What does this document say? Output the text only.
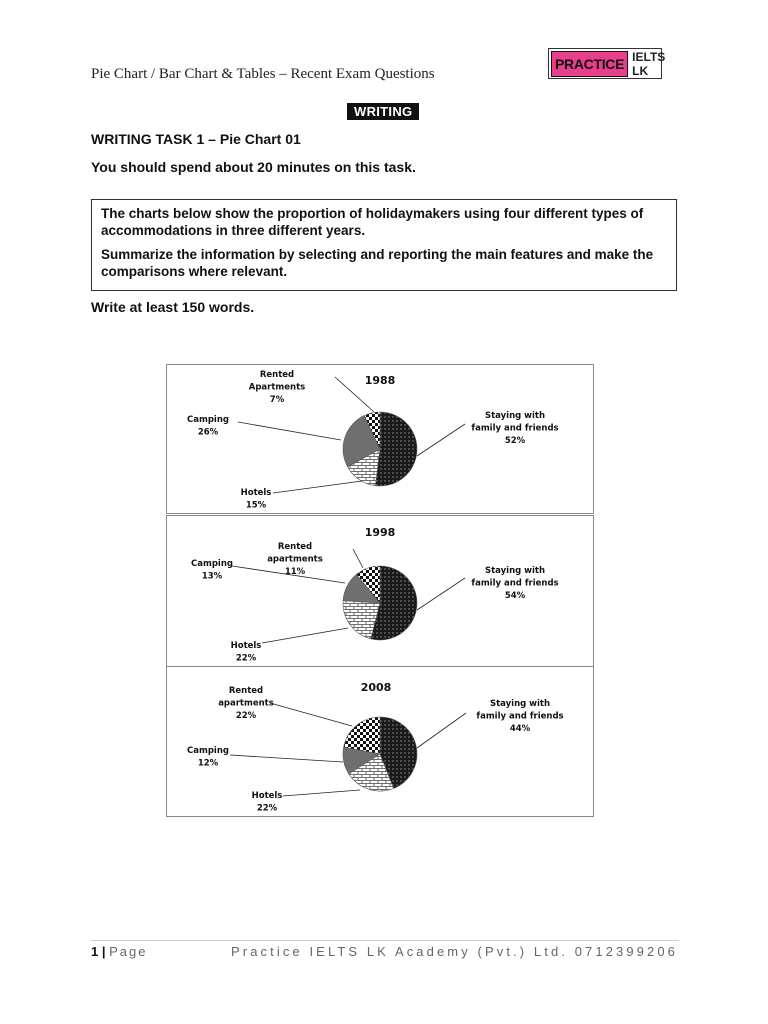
Pie Chart / Bar Chart & Tables – Recent Exam Questions
PRACTICE IELTS LK
WRITING
WRITING TASK 1 – Pie Chart 01
You should spend about 20 minutes on this task.

The charts below show the proportion of holidaymakers using four different types of accommodations in three different years.

Summarize the information by selecting and reporting the main features and make the comparisons where relevant.

Write at least 150 words.
1988
Staying with family and friends 52%
Hotels 15%
Camping 26%
Rented Apartments 7%
1998
Staying with family and friends 54%
Hotels 22%
Camping 13%
Rented apartments 11%
2008
Staying with family and friends 44%
Hotels 22%
Camping 12%
Rented apartments 22%
1 | Page	Practice IELTS LK Academy (Pvt.) Ltd. 0712399206
